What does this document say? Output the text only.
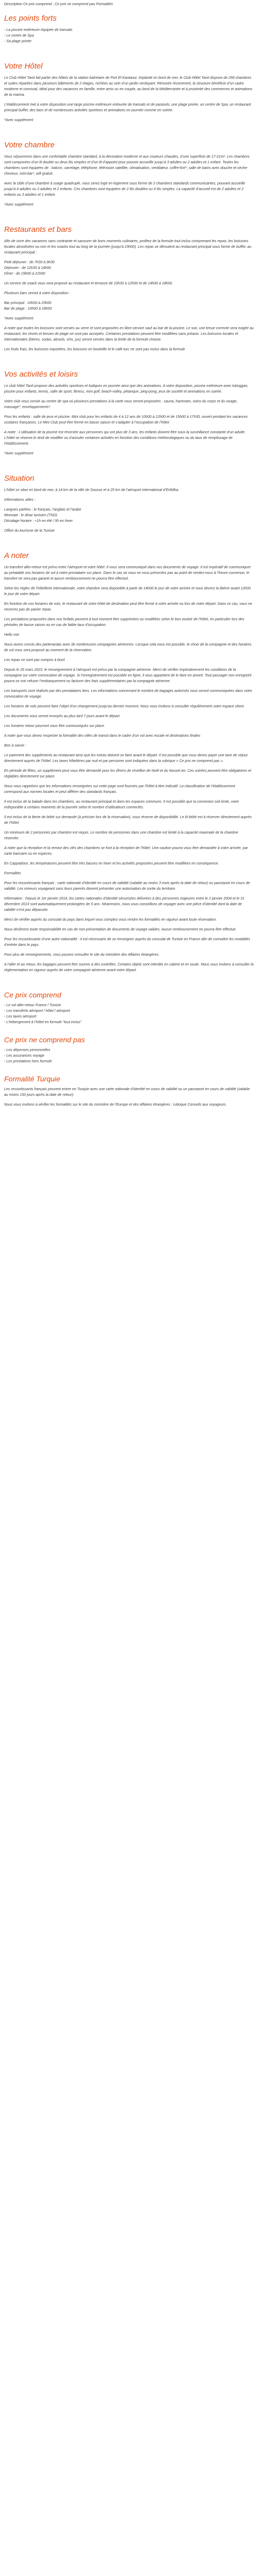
Description Ce prix comprend : Ce prix ne comprend pas Formalités
Les points forts
- La piscine extérieure équipée de transats
- Le centre de Spa
- Sa plage privée
Votre Hôtel

Le Club Hôtel Tanit fait partie des hôtels de la station balnéaire de Port El Kantaoui. Implanté en bord de mer, le Club Hôtel Tanit dispose de 296 chambres et suites réparties dans plusieurs bâtiments de 2 étages, nichées au sein d’un jardin verdoyant. Rénovée récemment, la structure bénéficie d’un cadre moderne et convivial, idéal pour des vacances en famille, entre amis ou en couple, au bord de la Méditerranée et à proximité des commerces et animations de la marina.

L’établissement met à votre disposition une large piscine extérieure entourée de transats et de parasols, une plage privée, un centre de Spa, un restaurant principal buffet, des bars et de nombreuses activités sportives et animations en journée comme en soirée.

*Avec supplément

Votre chambre

Vous séjournerez dans une confortable chambre standard, à la décoration moderne et aux couleurs chaudes, d’une superficie de 17-21m². Les chambres sont composées d’un lit double ou deux lits simples et d’un lit d’appoint pour pouvoir accueillir jusqu’à 3 adultes ou 2 adultes et 1 enfant. Toutes les chambres sont équipées de : balcon, carrelage, téléphone, télévision satellite, climatisation, ventilateur, coffre-fort*, salle de bains avec douche et sèche-cheveux, mini-bar*, wifi gratuit.

Avec la cible d’une chambre à usage quadruple, vous serez logé en logement sous forme de 2 chambres standards communicantes, pouvant accueillir jusqu’à 4 adultes ou 2 adultes et 2 enfants. Ces chambres sont équipées de 2 lits doubles ou 4 lits simples. La capacité d’accueil est de 2 adultes et 2 enfants ou 3 adultes et 1 enfant.

*Avec supplément

Restaurants et bars

Afin de vivre des vacances sans contrainte et savourer de bons moments culinaires, profitez de la formule tout inclus comprenant les repas, les boissons locales alcoolisées ou non et les snacks tout au long de la journée (jusqu’à 23h00). Les repas se déroulent au restaurant principal sous forme de buffet, au restaurant principal :

Petit déjeuner : de 7h30 à 9h30
Déjeuner : de 12h30 à 14h00
Dîner : de 19h00 à 21h00

Un service de snack vous sera proposé au restaurant et terrasse de 10h30 à 12h00 et de 14h00 à 18h00.

Plusieurs bars seront à votre disposition :

Bar principal : 10h00 à 23h00
Bar de plage : 10h00 à 18h00

*Avec supplément

A noter que toutes les boissons sont servies au verre et sont proposées en libre-service sauf au bar de la piscine. Le soir, une tenue correcte sera exigée au restaurant, les shorts et tenues de plage ne sont pas acceptés. Certaines prestations peuvent être modifiées sans préavis. Les boissons locales et internationales (bières, sodas, alcools, vins, jus) seront servies dans la limite de la formule choisie.

Les fruits frais, les boissons importées, les boissons en bouteille et le café turc ne sont pas inclus dans la formule

Vos activités et loisirs

Le club hôtel Tanit propose des activités sportives et ludiques en journée ainsi que des animations. A votre disposition, piscine extérieure avec toboggan, piscine pour enfants, tennis, salle de sport, fitness, mini golf, beach-volley, pétanque, ping-pong, jeux de société et animations en soirée.

Votre club vous convie au centre de spa où plusieurs prestations à la carte vous seront proposées : sauna, hammam, soins du corps et du visage, massage*, enveloppements*.

Pour les enfants : salle de jeux et piscine. Mini club pour les enfants de 4 à 12 ans de 10h00 à 12h00 et de 15h00 à 17h30, ouvert pendant les vacances scolaires françaises. Le Mini Club peut être fermé en basse saison et s’adapter à l’occupation de l’hôtel.

A noter : L’utilisation de la piscine est réservée aux personnes qui ont plus de 3 ans, les enfants doivent être sous la surveillance constante d’un adulte. L’hôtel se réserve le droit de modifier ou d’annuler certaines activités en fonction des conditions météorologiques ou du taux de remplissage de l’établissement.

*Avec supplément

Situation

L’hôtel se situe en bord de mer, à 14 km de la ville de Sousse et à 25 km de l’aéroport international d’Enfidha.

Informations utiles :

Langues parlées : le français, l’anglais et l’arabe
Monnaie : le dinar tunisien (TND)
Décalage horaire : +1h en été / 0h en hiver

Office du tourisme de la Tunisie

A noter

Un transfert aller-retour est prévu entre l’aéroport et votre hôtel. Il vous sera communiqué dans vos documents de voyage. Il est impératif de communiquer au préalable vos horaires de vol à notre prestataire sur place. Dans le cas où vous ne vous présentez pas au point de rendez-vous à l’heure convenue, le transfert ne sera pas garanti et aucun remboursement ne pourra être effectué.

Selon les règles de l’hôtellerie internationale, votre chambre sera disponible à partir de 14h00 le jour de votre arrivée et vous devrez la libérer avant 12h00 le jour de votre départ.

En fonction de vos horaires de vols, le restaurant de votre hôtel de destination peut être fermé à votre arrivée ou lors de votre départ. Dans ce cas, vous ne recevrez pas de panier repas.

Les prestations proposées dans nos forfaits peuvent à tout moment être supprimées ou modifiées selon le bon vouloir de l’hôtel, en particulier lors des périodes de basse saison ou en cas de faible taux d’occupation.

Hello voir

Nous avons conclu des partenariats avec de nombreuses compagnies aériennes. Lorsque cela vous est possible, le choix de la compagnie et des horaires de vol vous sera proposé au moment de la réservation.

Les repas ne sont pas compris à bord

Depuis le 26 mars 2023, le renseignement à l’aéroport est prévu par la compagnie aérienne. Merci de vérifier impérativement les conditions de la compagnie sur votre convocation de voyage. Si l’enregistrement est possible en ligne, il vous appartient de le faire en amont. Tout passager non enregistré pourra se voir refuser l’embarquement ou facturer des frais supplémentaires par la compagnie aérienne.

Les transports sont réalisés par des prestataires tiers. Les informations concernant le nombre de bagages autorisés vous seront communiquées dans votre convocation de voyage.

Les horaires de vols peuvent faire l’objet d’un changement jusqu’au dernier moment. Nous vous invitons à consulter régulièrement votre espace client.

Les documents vous seront envoyés au plus tard 7 jours avant le départ.

Les horaires retour pourront vous être communiqués sur place.

A noter que vous devez respecter la formalité des villes de transit dans le cadre d’un vol avec escale et destinations finales

Bon à savoir :

Le paiement des suppléments au restaurant ainsi que les extras doivent se faire avant le départ. Il est possible que vous devez payer une taxe de séjour directement auprès de l’hôtel. Les taxes hôtelières par nuit et par personne sont indiquées dans la rubrique « Ce prix ne comprend pas ».

En période de fêtes, un supplément peut vous être demandé pour les dîners de réveillon de Noël et du Nouvel An. Ces soirées peuvent être obligatoires et réglables directement sur place.

Nous vous rappelons que les informations renseignées sur cette page sont fournies par l’hôtel à titre indicatif. La classification de l’établissement correspond aux normes locales et peut différer des standards français.

Il est inclus de la balade dans les chambres, au restaurant principal et dans les espaces communs. Il est possible que la connexion soit lente, voire indisponible à certains moments de la journée selon le nombre d’utilisateurs connectés.

Il est inclus de la literie de bébé sur demande (à préciser lors de la réservation), sous réserve de disponibilité. Le lit bébé est à réserver directement auprès de l’hôtel.

Un minimum de 2 personnes par chambre est requis. Le nombre de personnes dans une chambre est limité à la capacité maximale de la chambre réservée.

A noter que la réception et la remise des clés des chambres se font à la réception de l’hôtel. Une caution pourra vous être demandée à votre arrivée, par carte bancaire ou en espèces.

En Cappadoce, les températures peuvent être très basses en hiver et les activités proposées peuvent être modifiées en conséquence.

Formalités

Pour les ressortissants français : carte nationale d’identité en cours de validité (valable au moins 3 mois après la date de retour) ou passeport en cours de validité. Les mineurs voyageant sans leurs parents doivent présenter une autorisation de sortie du territoire.

Information : Depuis le 1er janvier 2014, les cartes nationales d’identité sécurisées délivrées à des personnes majeures entre le 2 janvier 2004 et le 31 décembre 2013 sont automatiquement prolongées de 5 ans. Néanmoins, nous vous conseillons de voyager avec une pièce d’identité dont la date de validité n’est pas dépassée.

Merci de vérifier auprès du consulat du pays dans lequel vous comptez vous rendre les formalités en vigueur avant toute réservation.

Nous déclinons toute responsabilité en cas de non-présentation de documents de voyage valides. Aucun remboursement ne pourra être effectué.

Pour les ressortissants d’une autre nationalité : il est nécessaire de se renseigner auprès du consulat de Tunisie en France afin de connaître les modalités d’entrée dans le pays.

Pour plus de renseignements, vous pouvez consulter le site du ministère des Affaires étrangères.

A l’aller et au retour, les bagages peuvent être soumis à des contrôles. Certains objets sont interdits en cabine et en soute. Nous vous invitons à consulter la réglementation en vigueur auprès de votre compagnie aérienne avant votre départ.

Ce prix comprend
- Le vol aller-retour France / Tunisie
- Les transferts aéroport / hôtel / aéroport
- Les taxes aéroport
- L’hébergement à l’hôtel en formule "tout inclus"
Ce prix ne comprend pas
- Les dépenses personnelles
- Les assurances voyage
- Les prestations hors formule
Formalité Turquie

Les ressortissants français peuvent entrer en Turquie avec une carte nationale d’identité en cours de validité ou un passeport en cours de validité (valable au moins 150 jours après la date de retour).

Nous vous invitons à vérifier les formalités sur le site du ministère de l’Europe et des Affaires étrangères : rubrique Conseils aux voyageurs.
